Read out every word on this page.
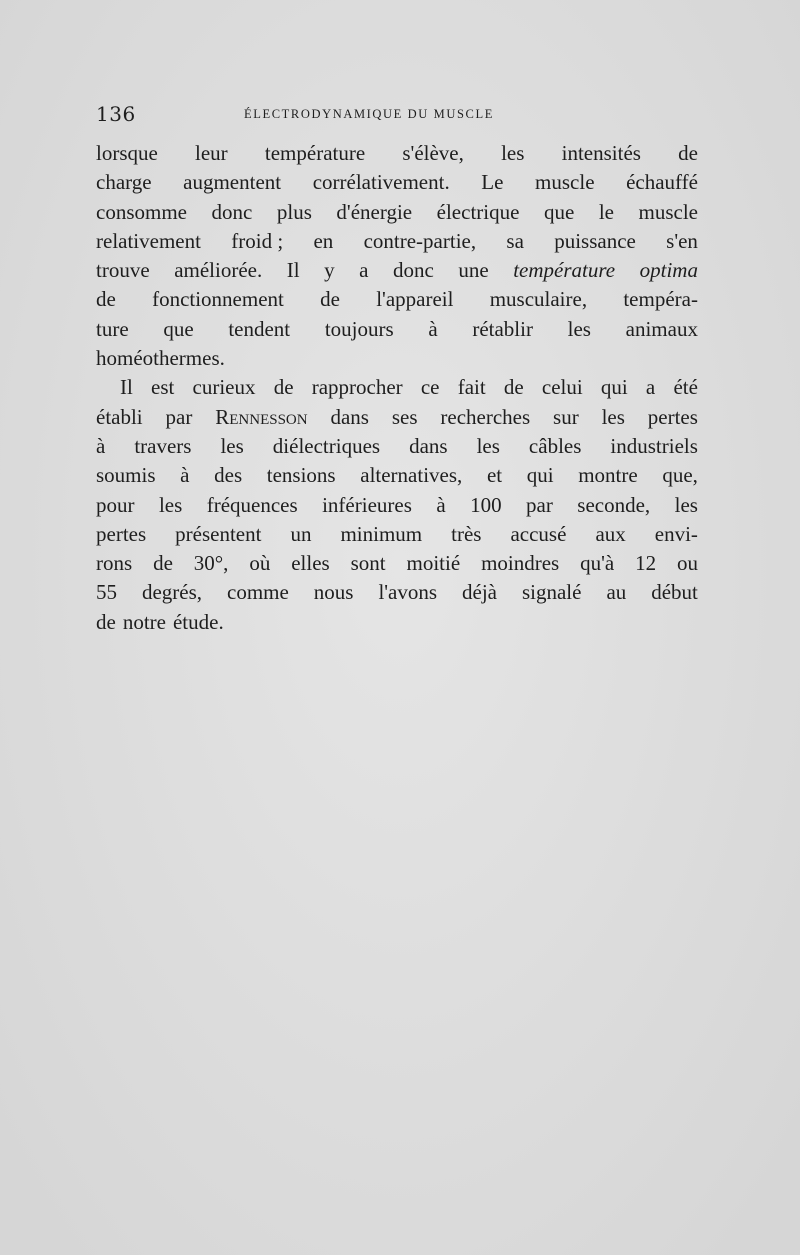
136	ÉLECTRODYNAMIQUE DU MUSCLE
lorsque leur température s'élève, les intensités de
charge augmentent corrélativement. Le muscle échauffé
consomme donc plus d'énergie électrique que le muscle
relativement froid ; en contre-partie, sa puissance s'en
trouve améliorée. Il y a donc une température optima
de fonctionnement de l'appareil musculaire, tempéra-
ture que tendent toujours à rétablir les animaux
homéothermes.
Il est curieux de rapprocher ce fait de celui qui a été
établi par Rennesson dans ses recherches sur les pertes
à travers les diélectriques dans les câbles industriels
soumis à des tensions alternatives, et qui montre que,
pour les fréquences inférieures à 100 par seconde, les
pertes présentent un minimum très accusé aux envi-
rons de 30°, où elles sont moitié moindres qu'à 12 ou
55 degrés, comme nous l'avons déjà signalé au début
de notre étude.
